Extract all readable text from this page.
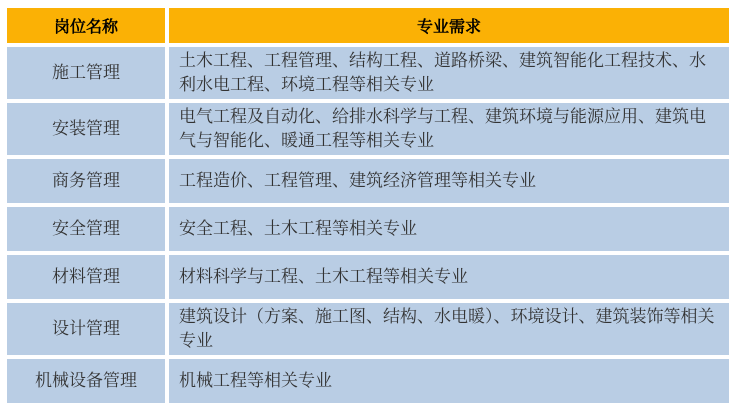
岗位名称	专业需求
施工管理	土木工程、工程管理、结构工程、道路桥梁、建筑智能化工程技术、水利水电工程、环境工程等相关专业
安装管理	电气工程及自动化、给排水科学与工程、建筑环境与能源应用、建筑电气与智能化、暖通工程等相关专业
商务管理	工程造价、工程管理、建筑经济管理等相关专业
安全管理	安全工程、土木工程等相关专业
材料管理	材料科学与工程、土木工程等相关专业
设计管理	建筑设计（方案、施工图、结构、水电暖）、环境设计、建筑装饰等相关专业
机械设备管理	机械工程等相关专业
